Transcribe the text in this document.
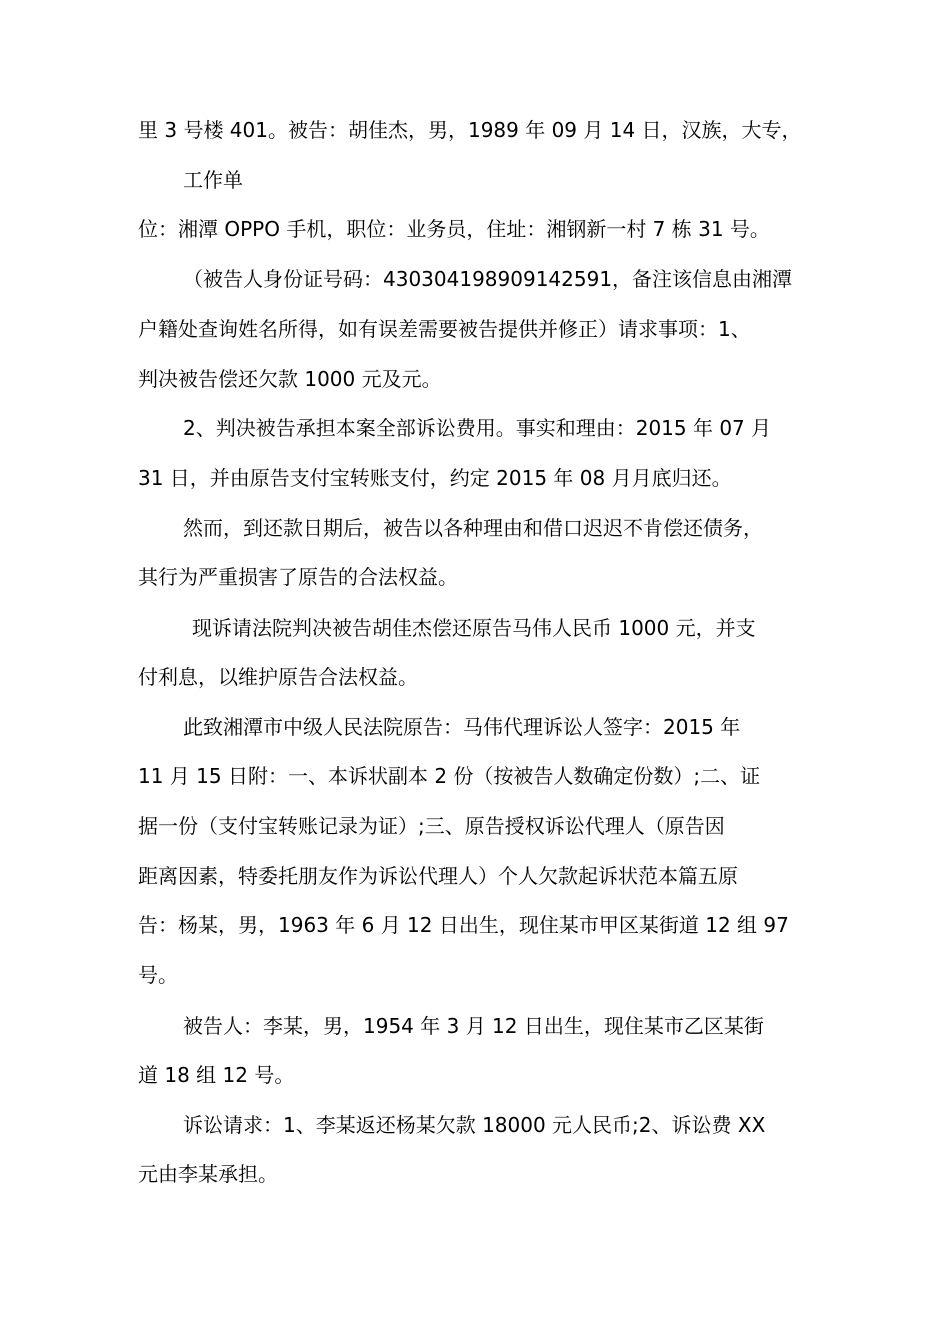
里 3 号楼 401。被告：胡佳杰，男，1989 年 09 月 14 日，汉族，大专，

工作单

位：湘潭 OPPO 手机，职位：业务员，住址：湘钢新一村 7 栋 31 号。

（被告人身份证号码：430304198909142591，备注该信息由湘潭

户籍处查询姓名所得，如有误差需要被告提供并修正）请求事项：1、

判决被告偿还欠款 1000 元及元。

2、判决被告承担本案全部诉讼费用。事实和理由：2015 年 07 月

31 日，并由原告支付宝转账支付，约定 2015 年 08 月月底归还。

然而，到还款日期后，被告以各种理由和借口迟迟不肯偿还债务，

其行为严重损害了原告的合法权益。

现诉请法院判决被告胡佳杰偿还原告马伟人民币 1000 元，并支

付利息，以维护原告合法权益。

此致湘潭市中级人民法院原告：马伟代理诉讼人签字：2015 年

11 月 15 日附：一、本诉状副本 2 份（按被告人数确定份数）;二、证

据一份（支付宝转账记录为证）;三、原告授权诉讼代理人（原告因

距离因素，特委托朋友作为诉讼代理人）个人欠款起诉状范本篇五原

告：杨某，男，1963 年 6 月 12 日出生，现住某市甲区某街道 12 组 97

号。

被告人：李某，男，1954 年 3 月 12 日出生，现住某市乙区某街

道 18 组 12 号。

诉讼请求：1、李某返还杨某欠款 18000 元人民币;2、诉讼费 XX

元由李某承担。
